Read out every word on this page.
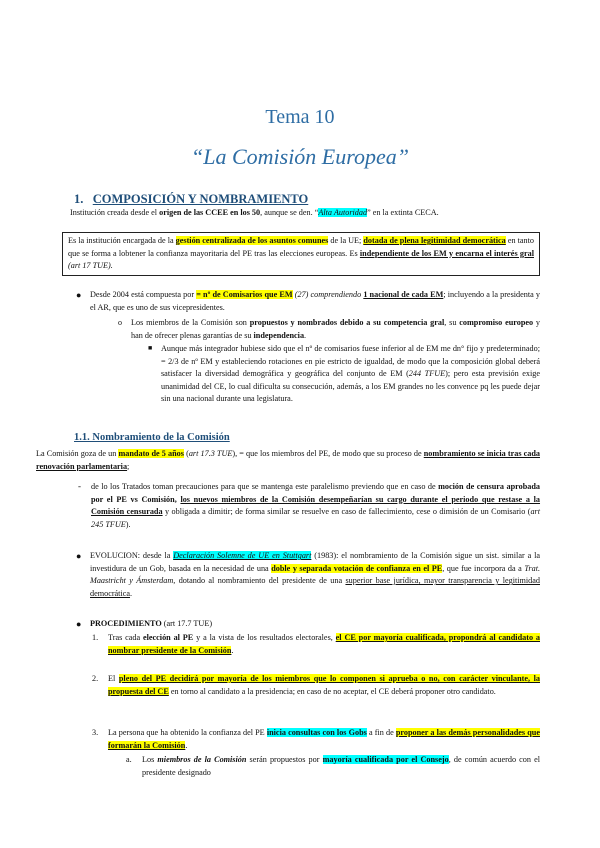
Tema 10
“La Comisión Europea”
1. COMPOSICIÓN Y NOMBRAMIENTO
Institución creada desde el origen de las CCEE en los 50, aunque se den. “Alta Autoridad” en la extinta CECA.
Es la institución encargada de la gestión centralizada de los asuntos comunes de la UE; dotada de plena legitimidad democrática en tanto que se forma a lobtener la confianza mayoritaria del PE tras las elecciones europeas. Es independiente de los EM y encarna el interés gral (art 17 TUE).
● Desde 2004 está compuesta por = nº de Comisarios que EM (27) comprendiendo 1 nacional de cada EM; incluyendo a la presidenta y el AR, que es uno de sus vicepresidentes.
o Los miembros de la Comisión son propuestos y nombrados debido a su competencia gral, su compromiso europeo y han de ofrecer plenas garantías de su independencia.
■ Aunque más integrador hubiese sido que el nº de comisarios fuese inferior al de EM me dn° fijo y predeterminado; = 2/3 de nº EM y estableciendo rotaciones en pie estricto de igualdad, de modo que la composición global deberá satisfacer la diversidad demográfica y geográfica del conjunto de EM (244 TFUE); pero esta previsión exige unanimidad del CE, lo cual dificulta su consecución, además, a los EM grandes no les convence pq les puede dejar sin una nacional durante una legislatura.
1.1. Nombramiento de la Comisión
La Comisión goza de un mandato de 5 años (art 17.3 TUE), = que los miembros del PE, de modo que su proceso de nombramiento se inicia tras cada renovación parlamentaria;
- de lo los Tratados toman precauciones para que se mantenga este paralelismo previendo que en caso de moción de censura aprobada por el PE vs Comisión, los nuevos miembros de la Comisión desempeñarían su cargo durante el periodo que restase a la Comisión censurada y obligada a dimitir; de forma similar se resuelve en caso de fallecimiento, cese o dimisión de un Comisario (art 245 TFUE).
● EVOLUCION: desde la Declaración Solemne de UE en Stuttgart (1983): el nombramiento de la Comisión sigue un sist. similar a la investidura de un Gob, basada en la necesidad de una doble y separada votación de confianza en el PE, que fue incorpora da a Trat. Maastricht y Ámsterdam, dotando al nombramiento del presidente de una superior base jurídica, mayor transparencia y legitimidad democrática.
● PROCEDIMIENTO (art 17.7 TUE)
1. Tras cada elección al PE y a la vista de los resultados electorales, el CE por mayoría cualificada, propondrá al candidato a nombrar presidente de la Comisión.
2. El pleno del PE decidirá por mayoría de los miembros que lo componen si aprueba o no, con carácter vinculante, la propuesta del CE en torno al candidato a la presidencia; en caso de no aceptar, el CE deberá proponer otro candidato.
3. La persona que ha obtenido la confianza del PE inicia consultas con los Gobs a fin de proponer a las demás personalidades que formarán la Comisión.
a. Los miembros de la Comisión serán propuestos por mayoría cualificada por el Consejo, de común acuerdo con el presidente designado
